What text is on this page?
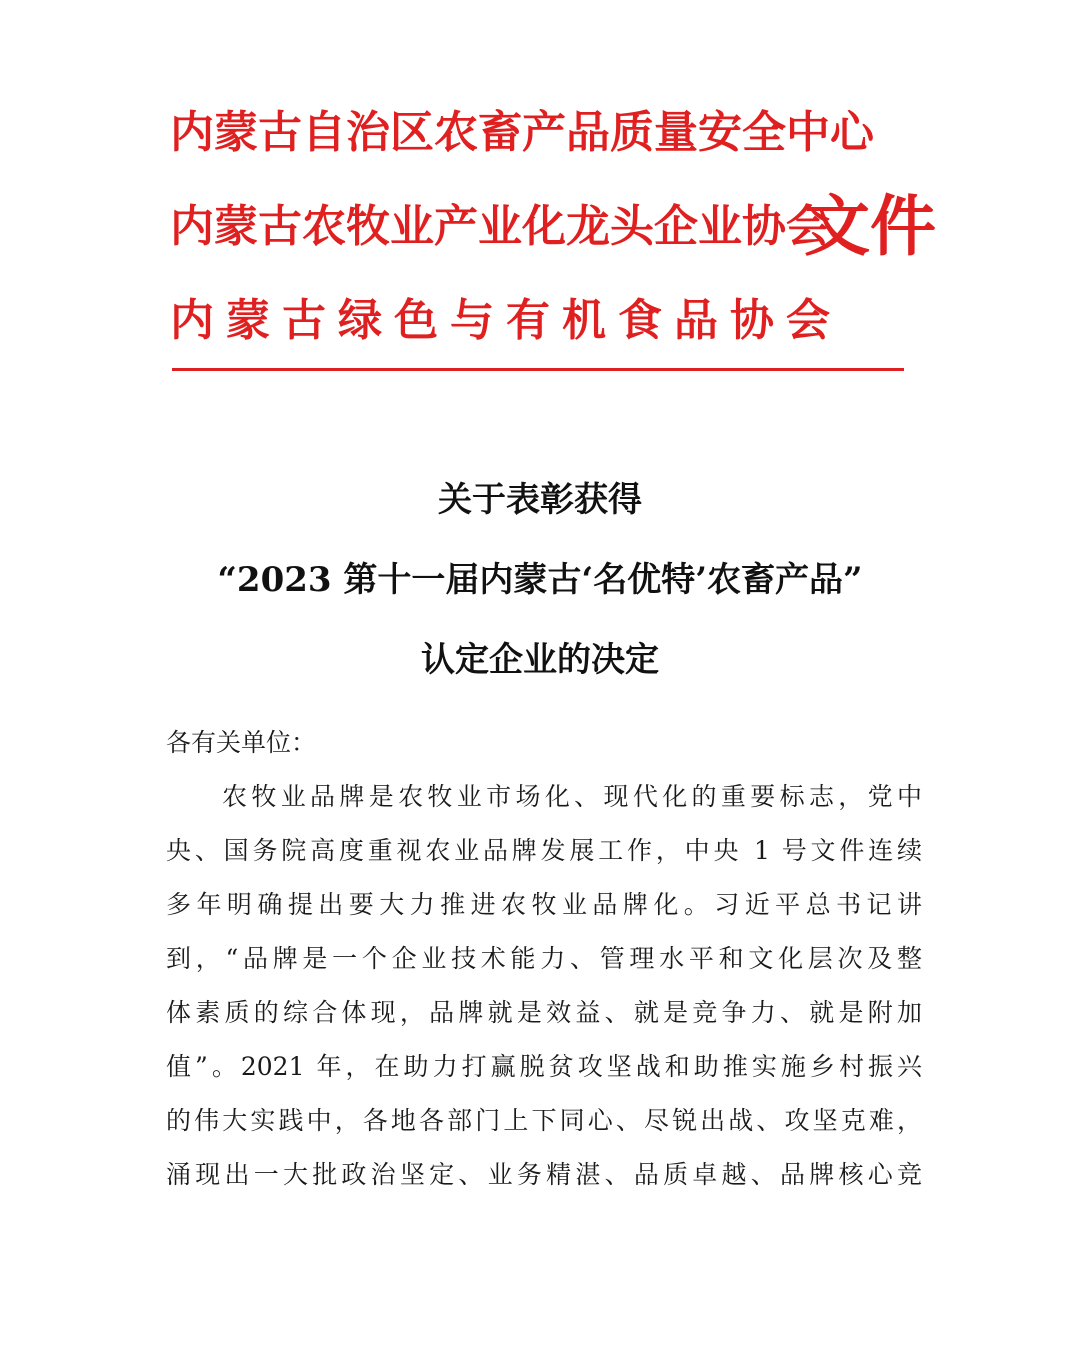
内蒙古自治区农畜产品质量安全中心
内蒙古农牧业产业化龙头企业协会
内蒙古绿色与有机食品协会
文件
关于表彰获得
“2023 第十一届内蒙古‘名优特’农畜产品”
认定企业的决定
各有关单位：
农牧业品牌是农牧业市场化、现代化的重要标志，党中
央、国务院高度重视农业品牌发展工作，中央 1 号文件连续
多年明确提出要大力推进农牧业品牌化。习近平总书记讲
到，“品牌是一个企业技术能力、管理水平和文化层次及整
体素质的综合体现，品牌就是效益、就是竞争力、就是附加
值”。2021 年，在助力打赢脱贫攻坚战和助推实施乡村振兴
的伟大实践中，各地各部门上下同心、尽锐出战、攻坚克难，
涌现出一大批政治坚定、业务精湛、品质卓越、品牌核心竞
